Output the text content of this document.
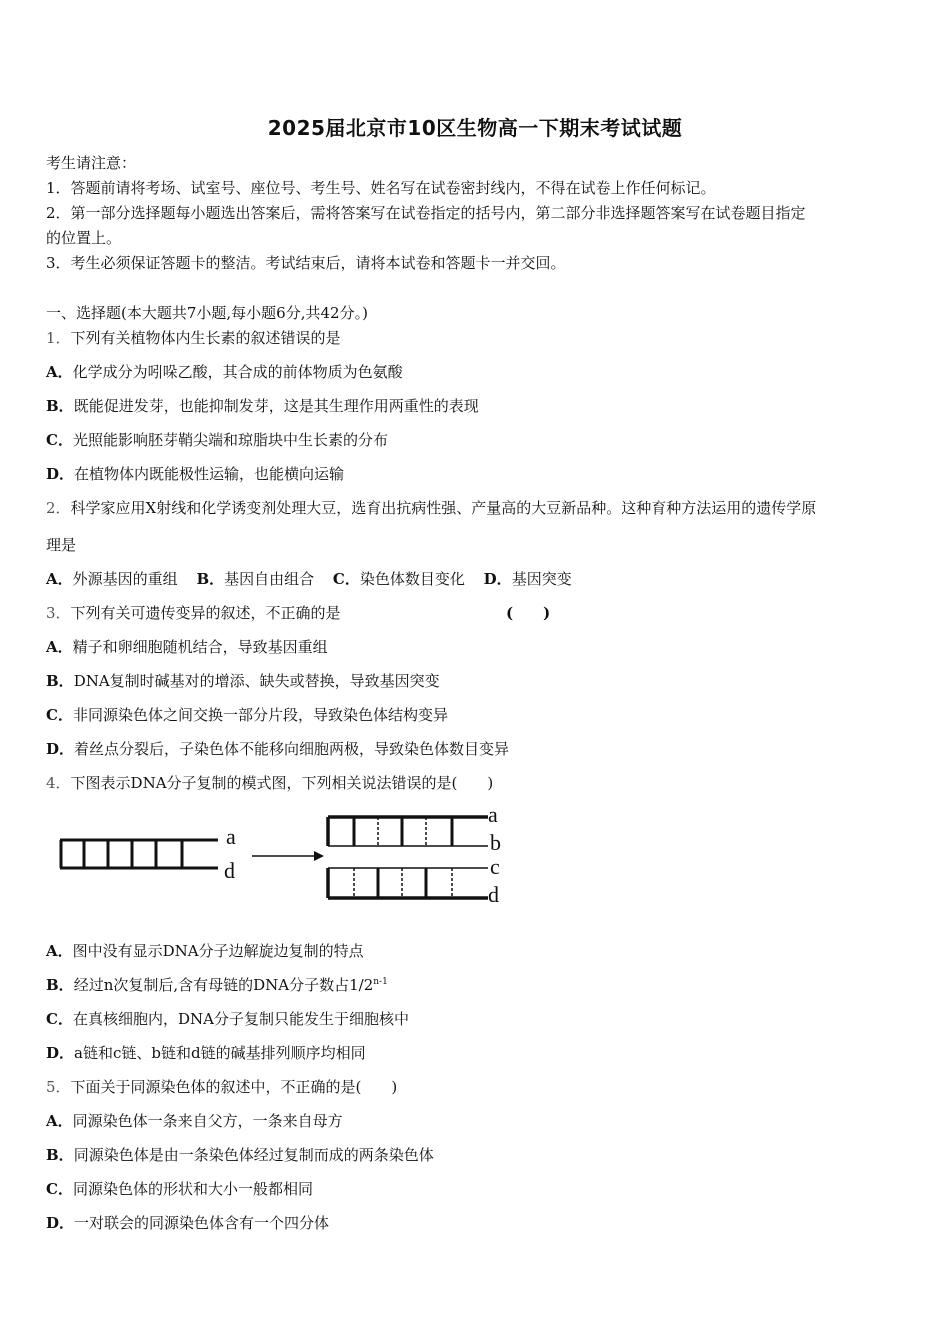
2025届北京市10区生物高一下期末考试试题
考生请注意：
1．答题前请将考场、试室号、座位号、考生号、姓名写在试卷密封线内，不得在试卷上作任何标记。
2．第一部分选择题每小题选出答案后，需将答案写在试卷指定的括号内，第二部分非选择题答案写在试卷题目指定
的位置上。
3．考生必须保证答题卡的整洁。考试结束后，请将本试卷和答题卡一并交回。
一、选择题(本大题共7小题,每小题6分,共42分。)
1．下列有关植物体内生长素的叙述错误的是
A．化学成分为吲哚乙酸，其合成的前体物质为色氨酸
B．既能促进发芽，也能抑制发芽，这是其生理作用两重性的表现
C．光照能影响胚芽鞘尖端和琼脂块中生长素的分布
D．在植物体内既能极性运输，也能横向运输
2．科学家应用X射线和化学诱变剂处理大豆，选育出抗病性强、产量高的大豆新品种。这种育种方法运用的遗传学原
理是
A．外源基因的重组 B．基因自由组合 C．染色体数目变化 D．基因突变
3．下列有关可遗传变异的叙述，不正确的是	(　　)
A．精子和卵细胞随机结合，导致基因重组
B．DNA复制时碱基对的增添、缺失或替换，导致基因突变
C．非同源染色体之间交换一部分片段，导致染色体结构变异
D．着丝点分裂后，子染色体不能移向细胞两极，导致染色体数目变异
4．下图表示DNA分子复制的模式图，下列相关说法错误的是(　　)
a
d
a
b
c
d
A．图中没有显示DNA分子边解旋边复制的特点
B．经过n次复制后,含有母链的DNA分子数占1/2$^{n-1}$
C．在真核细胞内，DNA分子复制只能发生于细胞核中
D．a链和c链、b链和d链的碱基排列顺序均相同
5．下面关于同源染色体的叙述中，不正确的是(　　)
A．同源染色体一条来自父方，一条来自母方
B．同源染色体是由一条染色体经过复制而成的两条染色体
C．同源染色体的形状和大小一般都相同
D．一对联会的同源染色体含有一个四分体
